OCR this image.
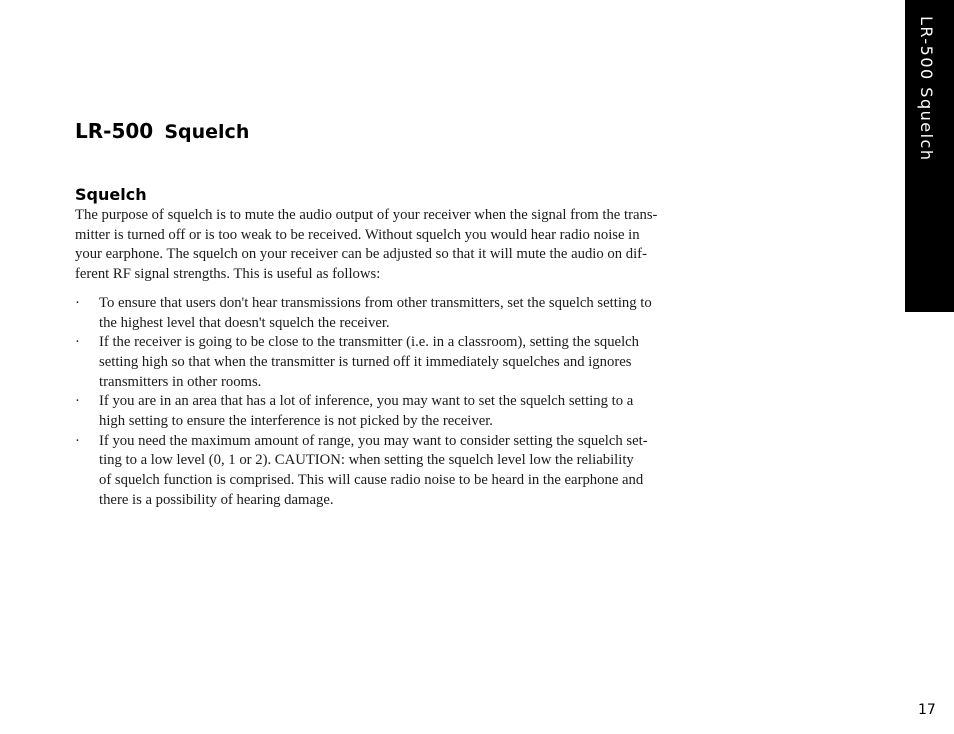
LR-500 Squelch
LR-500 Squelch
Squelch
The purpose of squelch is to mute the audio output of your receiver when the signal from the trans-
mitter is turned off or is too weak to be received. Without squelch you would hear radio noise in
your earphone. The squelch on your receiver can be adjusted so that it will mute the audio on dif-
ferent RF signal strengths. This is useful as follows:
· To ensure that users don't hear transmissions from other transmitters, set the squelch setting to
the highest level that doesn't squelch the receiver.
· If the receiver is going to be close to the transmitter (i.e. in a classroom), setting the squelch
setting high so that when the transmitter is turned off it immediately squelches and ignores
transmitters in other rooms.
· If you are in an area that has a lot of inference, you may want to set the squelch setting to a
high setting to ensure the interference is not picked by the receiver.
· If you need the maximum amount of range, you may want to consider setting the squelch set-
ting to a low level (0, 1 or 2). CAUTION: when setting the squelch level low the reliability
of squelch function is comprised. This will cause radio noise to be heard in the earphone and
there is a possibility of hearing damage.
17
